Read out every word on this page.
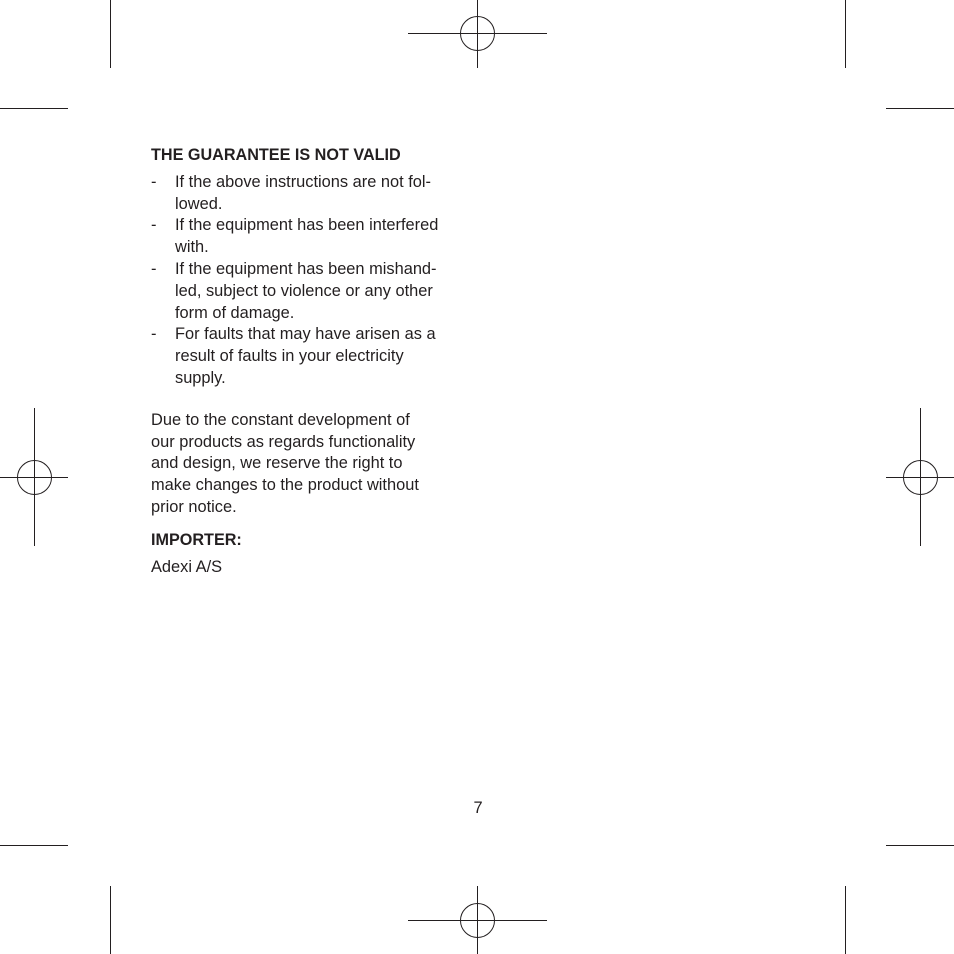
THE GUARANTEE IS NOT VALID
- If the above instructions are not fol-
lowed.
- If the equipment has been interfered
with.
- If the equipment has been mishand-
led, subject to violence or any other
form of damage.
- For faults that may have arisen as a
result of faults in your electricity
supply.
Due to the constant development of
our products as regards functionality
and design, we reserve the right to
make changes to the product without
prior notice.
IMPORTER:
Adexi A/S
7
